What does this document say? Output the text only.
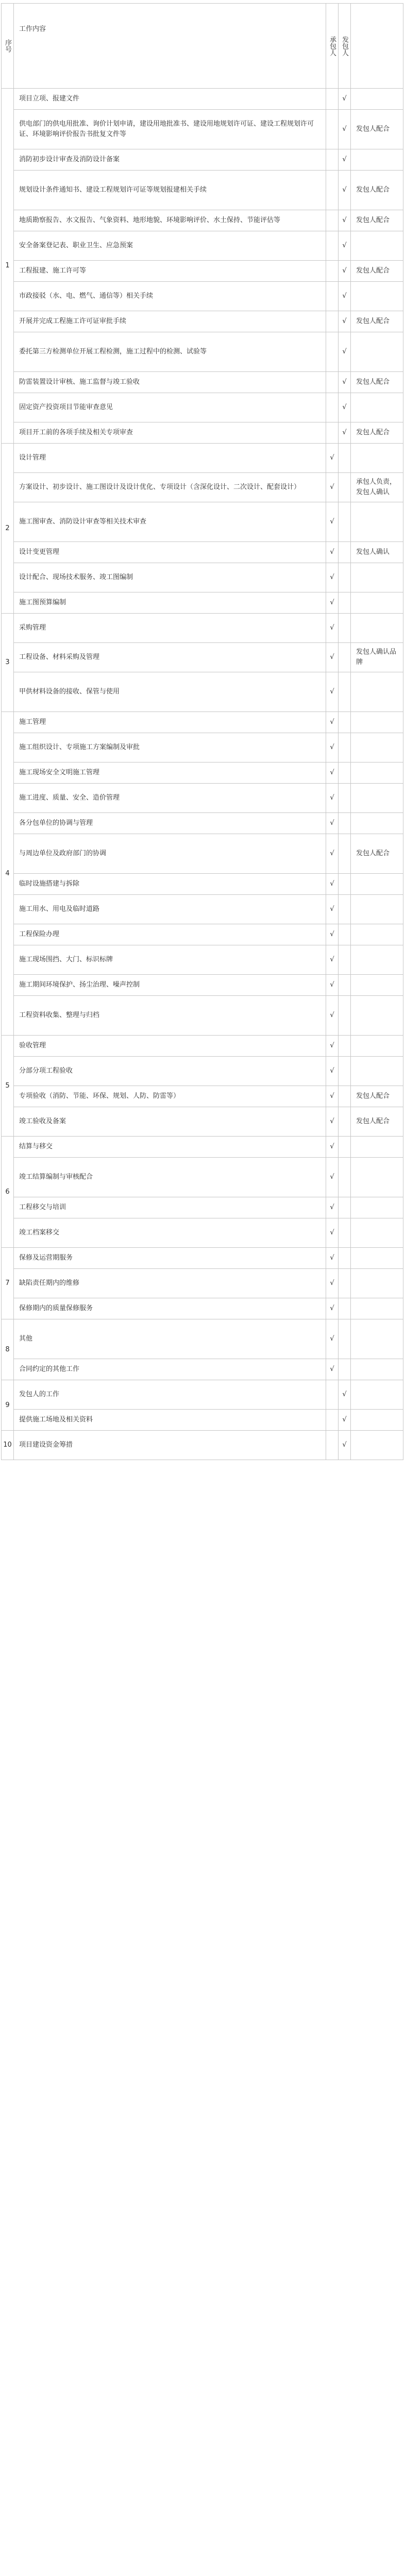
序号	工作内容	承包人	发包人	
1	项目立项、报建文件		√	

	供电部门的供电用批准、询价计划申请，建设用地批准书、建设用地规划许可证、建设工程规划许可证、环境影响评价报告书批复文件等		√	发包人配合

	消防初步设计审查及消防设计备案		√	

	规划设计条件通知书、建设工程规划许可证等规划报建相关手续		√	发包人配合

	地质勘察报告、水文报告、气象资料、地形地貌、环境影响评价、水土保持、节能评估等		√	发包人配合

	安全备案登记表、职业卫生、应急预案		√	

	工程报建、施工许可等		√	发包人配合

	市政接驳（水、电、燃气、通信等）相关手续		√	

	开展并完成工程施工许可证审批手续		√	发包人配合

	委托第三方检测单位开展工程检测，施工过程中的检测、试验等		√	

	防雷装置设计审核、施工监督与竣工验收		√	发包人配合

	固定资产投资项目节能审查意见		√	

	项目开工前的各项手续及相关专项审查		√	发包人配合
2	设计管理	√		

	方案设计、初步设计、施工图设计及设计优化、专项设计（含深化设计、二次设计、配套设计）	√		承包人负责，发包人确认

	施工图审查、消防设计审查等相关技术审查	√		

	设计变更管理	√		发包人确认

	设计配合、现场技术服务、竣工图编制	√		

	施工图预算编制	√		
3	采购管理	√		

	工程设备、材料采购及管理	√		发包人确认品牌

	甲供材料设备的接收、保管与使用	√		
4	施工管理	√		

	施工组织设计、专项施工方案编制及审批	√		

	施工现场安全文明施工管理	√		

	施工进度、质量、安全、造价管理	√		

	各分包单位的协调与管理	√		

	与周边单位及政府部门的协调	√		发包人配合

	临时设施搭建与拆除	√		

	施工用水、用电及临时道路	√		

	工程保险办理	√		

	施工现场围挡、大门、标识标牌	√		

	施工期间环境保护、扬尘治理、噪声控制	√		

	工程资料收集、整理与归档	√		
5	验收管理	√		

	分部分项工程验收	√		

	专项验收（消防、节能、环保、规划、人防、防雷等）	√		发包人配合

	竣工验收及备案	√		发包人配合
6	结算与移交	√		

	竣工结算编制与审核配合	√		

	工程移交与培训	√		

	竣工档案移交	√		
7	保修及运营期服务	√		

	缺陷责任期内的维修	√		

	保修期内的质量保修服务	√		
8	其他	√		

	合同约定的其他工作	√		
9	发包人的工作		√	

	提供施工场地及相关资料		√	
10	项目建设资金筹措		√	
